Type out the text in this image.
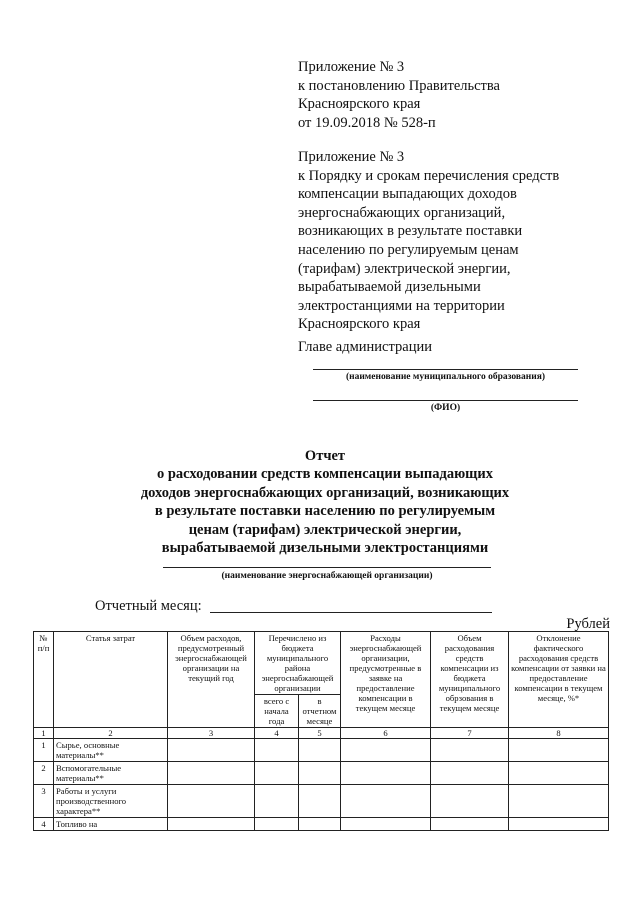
Приложение № 3
к постановлению Правительства
Красноярского края
от 19.09.2018 № 528-п
Приложение № 3
к Порядку и срокам перечисления средств
компенсации выпадающих доходов
энергоснабжающих организаций,
возникающих в результате поставки
населению по регулируемым ценам
(тарифам) электрической энергии,
вырабатываемой дизельными
электростанциями на территории
Красноярского края
Главе администрации
(наименование муниципального образования)
(ФИО)
Отчет
о расходовании средств компенсации выпадающих
доходов энергоснабжающих организаций, возникающих
в результате поставки населению по регулируемым
ценам (тарифам) электрической энергии,
вырабатываемой дизельными электростанциями
(наименование энергоснабжающей организации)
Отчетный месяц:
Рублей
№ п/п	Статья затрат	Объем расходов, предусмотренный энергоснабжающей организации на текущий год	Перечислено из бюджета муниципального района энергоснабжающей организации		Расходы энергоснабжающей организации, предусмотренные в заявке на предоставление компенсации в текущем месяце	Объем расходования средств компенсации из бюджета муниципального обрзования в текущем месяце	Отклонение фактического расходования средств компенсации от заявки на предоставление компенсации в текущем месяце, %*
			всего с начала года	в отчетном месяце			
1	2	3	4	5	6	7	8
1	Сырье, основные материалы**						
2	Вспомогательные материалы**						
3	Работы и услуги производственного характера**						
4	Топливо на						
